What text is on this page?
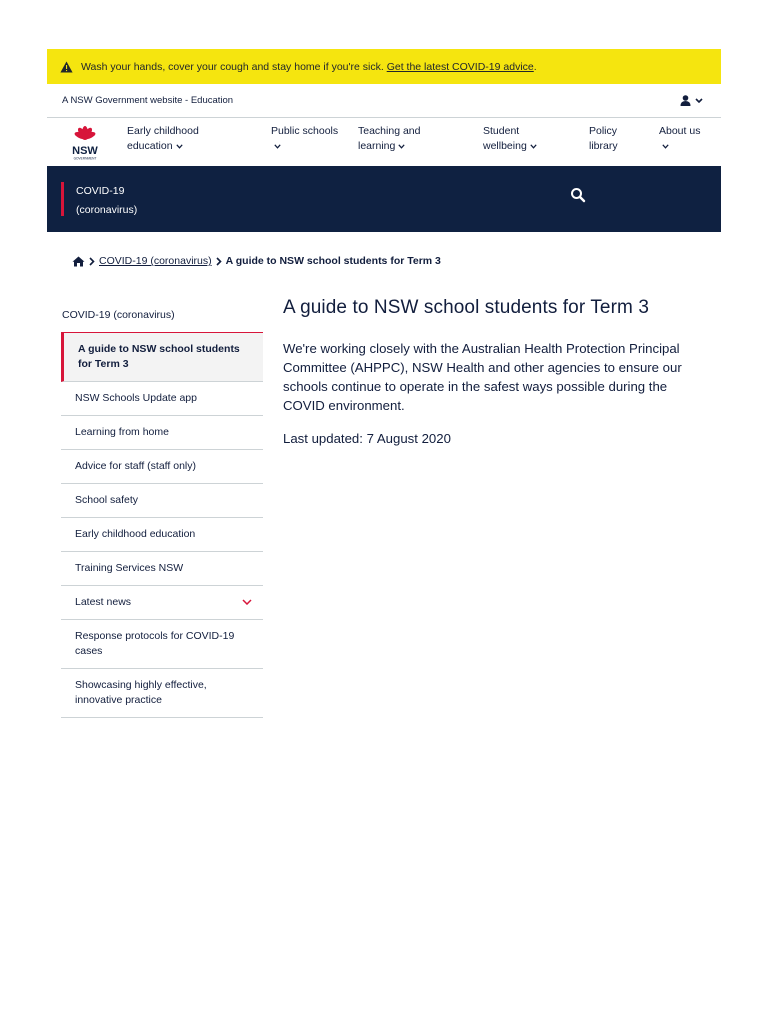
Wash your hands, cover your cough and stay home if you're sick.
Get the latest COVID-19 advice .
A NSW Government website - Education
NSW
GOVERNMENT
Early childhood
education
Public schools Teaching and
learning
Student
wellbeing
Policy
library
About us

COVID-19
(coronavirus)
COVID-19 (coronavirus) A guide to NSW school students for Term 3
COVID-19 (coronavirus)
A guide to NSW school students for Term 3
NSW Schools Update app
Learning from home
Advice for staff (staff only)
School safety
Early childhood education
Training Services NSW
Latest news
Response protocols for COVID-19 cases
Showcasing highly effective, innovative practice
A guide to NSW school students for Term 3

We're working closely with the Australian Health Protection Principal Committee (AHPPC), NSW Health and other agencies to ensure our schools continue to operate in the safest ways possible during the COVID environment.

Last updated: 7 August 2020
